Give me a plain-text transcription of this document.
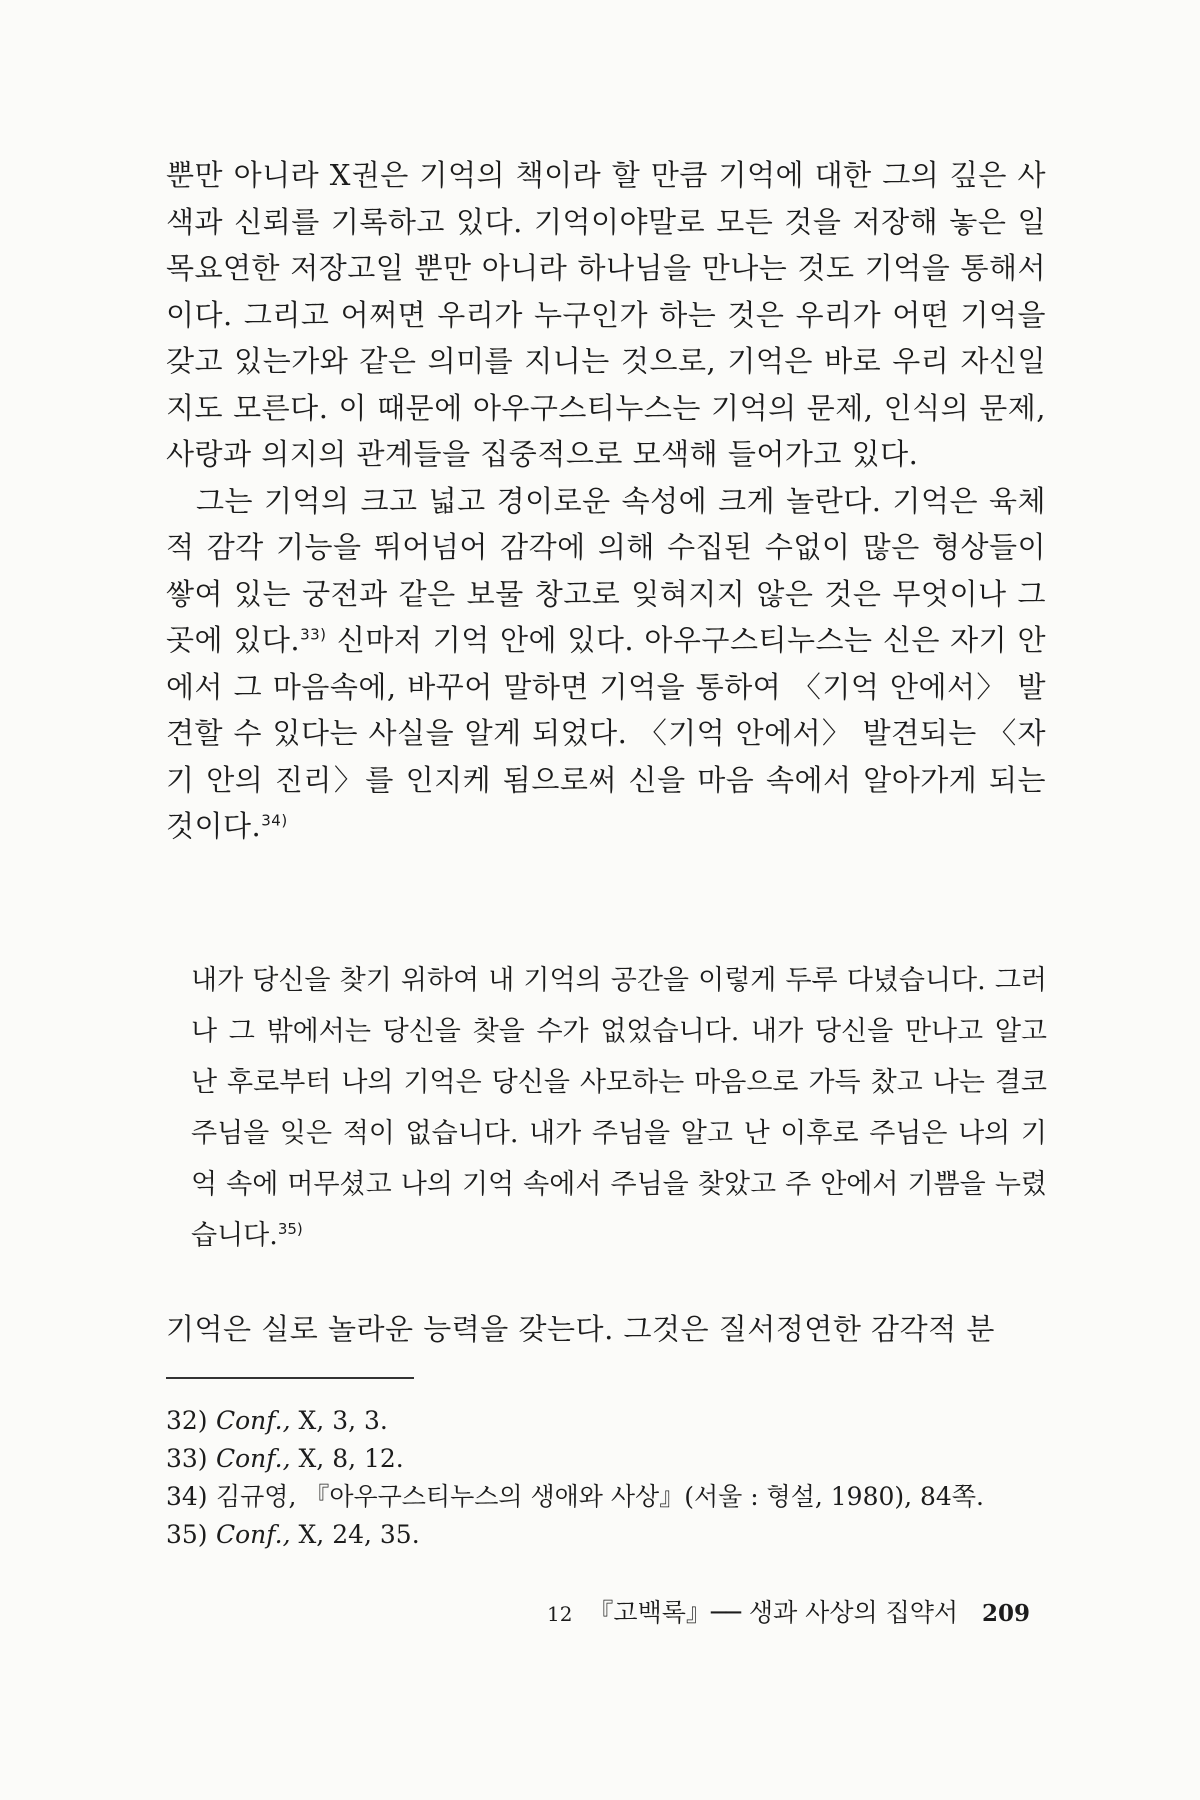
뿐만 아니라 Ⅹ권은 기억의 책이라 할 만큼 기억에 대한 그의 깊은 사색과 신뢰를 기록하고 있다. 기억이야말로 모든 것을 저장해 놓은 일목요연한 저장고일 뿐만 아니라 하나님을 만나는 것도 기억을 통해서이다. 그리고 어쩌면 우리가 누구인가 하는 것은 우리가 어떤 기억을 갖고 있는가와 같은 의미를 지니는 것으로, 기억은 바로 우리 자신일지도 모른다. 이 때문에 아우구스티누스는 기억의 문제, 인식의 문제, 사랑과 의지의 관계들을 집중적으로 모색해 들어가고 있다.

그는 기억의 크고 넓고 경이로운 속성에 크게 놀란다. 기억은 육체적 감각 기능을 뛰어넘어 감각에 의해 수집된 수없이 많은 형상들이 쌓여 있는 궁전과 같은 보물 창고로 잊혀지지 않은 것은 무엇이나 그곳에 있다.$^{33)}$ 신마저 기억 안에 있다. 아우구스티누스는 신은 자기 안에서 그 마음속에, 바꾸어 말하면 기억을 통하여 〈기억 안에서〉 발견할 수 있다는 사실을 알게 되었다. 〈기억 안에서〉 발견되는 〈자기 안의 진리〉를 인지케 됨으로써 신을 마음 속에서 알아가게 되는 것이다.$^{34)}$

내가 당신을 찾기 위하여 내 기억의 공간을 이렇게 두루 다녔습니다. 그러나 그 밖에서는 당신을 찾을 수가 없었습니다. 내가 당신을 만나고 알고 난 후로부터 나의 기억은 당신을 사모하는 마음으로 가득 찼고 나는 결코 주님을 잊은 적이 없습니다. 내가 주님을 알고 난 이후로 주님은 나의 기억 속에 머무셨고 나의 기억 속에서 주님을 찾았고 주 안에서 기쁨을 누렸습니다.$^{35)}$

기억은 실로 놀라운 능력을 갖는다. 그것은 질서정연한 감각적 분

32) Conf., Ⅹ, 3, 3.
33) Conf., Ⅹ, 8, 12.
34) 김규영, 『아우구스티누스의 생애와 사상』(서울 : 형설, 1980), 84쪽.
35) Conf., Ⅹ, 24, 35.
12 『고백록』── 생과 사상의 집약서 209
